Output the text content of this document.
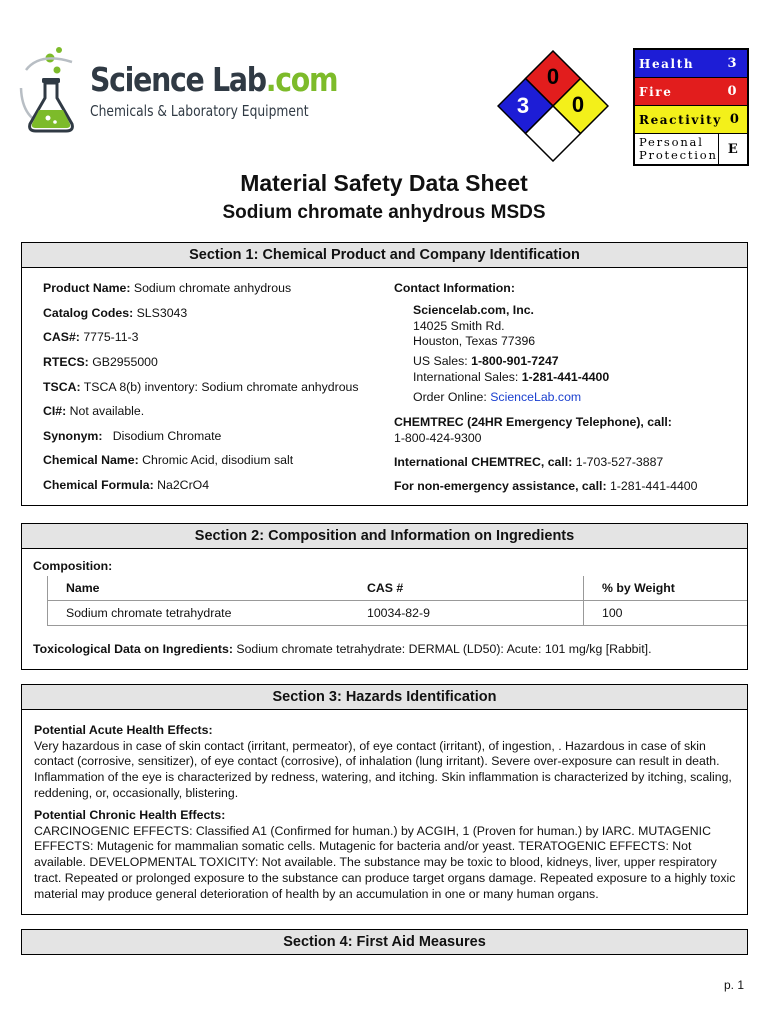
Science Lab.com
Chemicals & Laboratory Equipment
0
3	0
Health	3
Fire	0
Reactivity 0
Personal
Protection E
Material Safety Data Sheet
Sodium chromate anhydrous MSDS
Section 1: Chemical Product and Company Identification
Product Name: Sodium chromate anhydrous
Catalog Codes: SLS3043
CAS#: 7775-11-3
RTECS: GB2955000
TSCA: TSCA 8(b) inventory: Sodium chromate anhydrous
CI#: Not available.
Synonym: Disodium Chromate
Chemical Name: Chromic Acid, disodium salt
Chemical Formula: Na2CrO4
Contact Information:
Sciencelab.com, Inc.
14025 Smith Rd.
Houston, Texas 77396
US Sales: 1-800-901-7247
International Sales: 1-281-441-4400
Order Online: ScienceLab.com
CHEMTREC (24HR Emergency Telephone), call:
1-800-424-9300
International CHEMTREC, call: 1-703-527-3887
For non-emergency assistance, call: 1-281-441-4400
Section 2: Composition and Information on Ingredients
Composition:
Name	CAS #	% by Weight
Sodium chromate tetrahydrate	10034-82-9	100
Toxicological Data on Ingredients: Sodium chromate tetrahydrate: DERMAL (LD50): Acute: 101 mg/kg [Rabbit].
Section 3: Hazards Identification
Potential Acute Health Effects:
Very hazardous in case of skin contact (irritant, permeator), of eye contact (irritant), of ingestion, . Hazardous in case of skin contact (corrosive, sensitizer), of eye contact (corrosive), of inhalation (lung irritant). Severe over-exposure can result in death. Inflammation of the eye is characterized by redness, watering, and itching. Skin inflammation is characterized by itching, scaling, reddening, or, occasionally, blistering.
Potential Chronic Health Effects:
CARCINOGENIC EFFECTS: Classified A1 (Confirmed for human.) by ACGIH, 1 (Proven for human.) by IARC. MUTAGENIC EFFECTS: Mutagenic for mammalian somatic cells. Mutagenic for bacteria and/or yeast. TERATOGENIC EFFECTS: Not available. DEVELOPMENTAL TOXICITY: Not available. The substance may be toxic to blood, kidneys, liver, upper respiratory tract. Repeated or prolonged exposure to the substance can produce target organs damage. Repeated exposure to a highly toxic material may produce general deterioration of health by an accumulation in one or many human organs.
Section 4: First Aid Measures
p. 1
